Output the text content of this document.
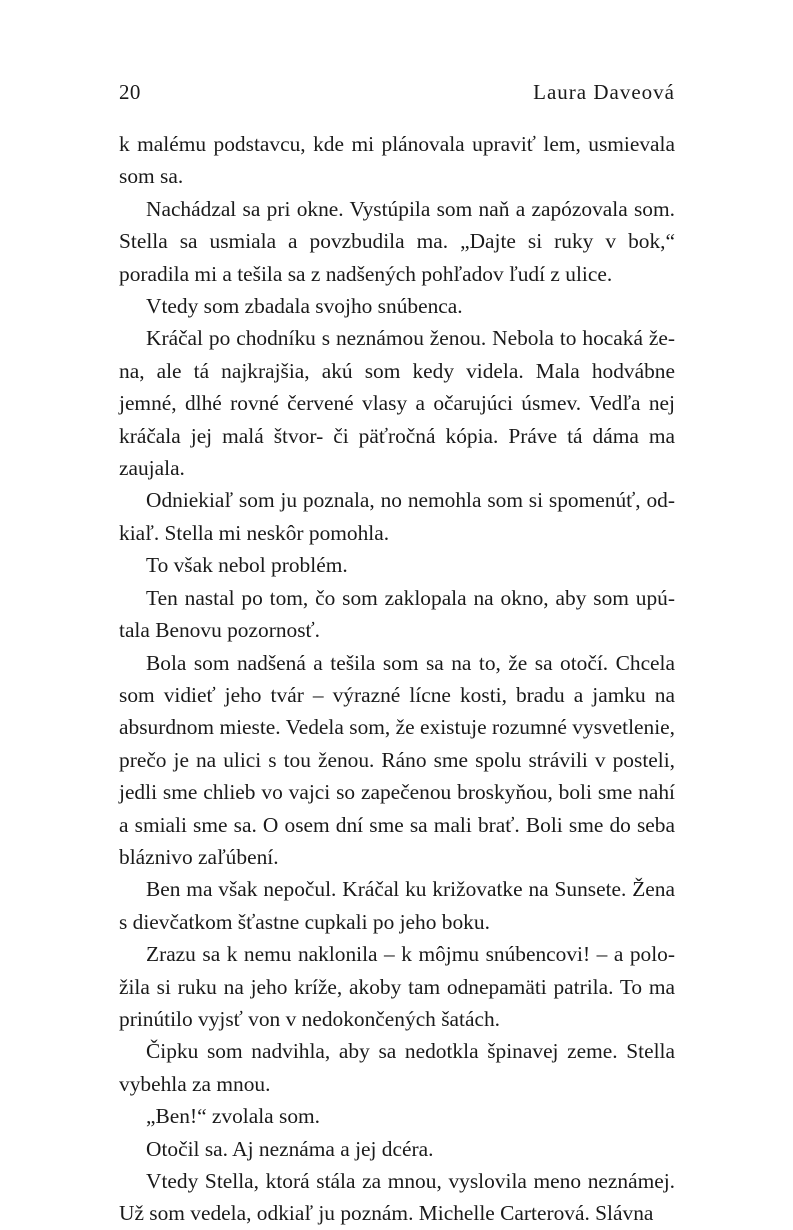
20	Laura Daveová

k malému podstavcu, kde mi plánovala upraviť lem, usmievala som sa.

Nachádzal sa pri okne. Vystúpila som naň a zapózovala som. Stella sa usmiala a povzbudila ma. „Dajte si ruky v bok,“ poradila mi a tešila sa z nadšených pohľadov ľudí z ulice.

Vtedy som zbadala svojho snúbenca.

Kráčal po chodníku s neznámou ženou. Nebola to hocaká žena, ale tá najkrajšia, akú som kedy videla. Mala hodvábne jemné, dlhé rovné červené vlasy a očarujúci úsmev. Vedľa nej kráčala jej malá štvor- či päťročná kópia. Práve tá dáma ma zaujala.

Odniekiaľ som ju poznala, no nemohla som si spomenúť, odkiaľ. Stella mi neskôr pomohla.

To však nebol problém.

Ten nastal po tom, čo som zaklopala na okno, aby som upútala Benovu pozornosť.

Bola som nadšená a tešila som sa na to, že sa otočí. Chcela som vidieť jeho tvár – výrazné lícne kosti, bradu a jamku na absurdnom mieste. Vedela som, že existuje rozumné vysvetlenie, prečo je na ulici s tou ženou. Ráno sme spolu strávili v posteli, jedli sme chlieb vo vajci so zapečenou broskyňou, boli sme nahí a smiali sme sa. O osem dní sme sa mali brať. Boli sme do seba bláznivo zaľúbení.

Ben ma však nepočul. Kráčal ku križovatke na Sunsete. Žena s dievčatkom šťastne cupkali po jeho boku.

Zrazu sa k nemu naklonila – k môjmu snúbencovi! – a položila si ruku na jeho kríže, akoby tam odnepamäti patrila. To ma prinútilo vyjsť von v nedokončených šatách.

Čipku som nadvihla, aby sa nedotkla špinavej zeme. Stella vybehla za mnou.

„Ben!“ zvolala som.

Otočil sa. Aj neznáma a jej dcéra.

Vtedy Stella, ktorá stála za mnou, vyslovila meno neznámej. Už som vedela, odkiaľ ju poznám. Michelle Carterová. Slávna
